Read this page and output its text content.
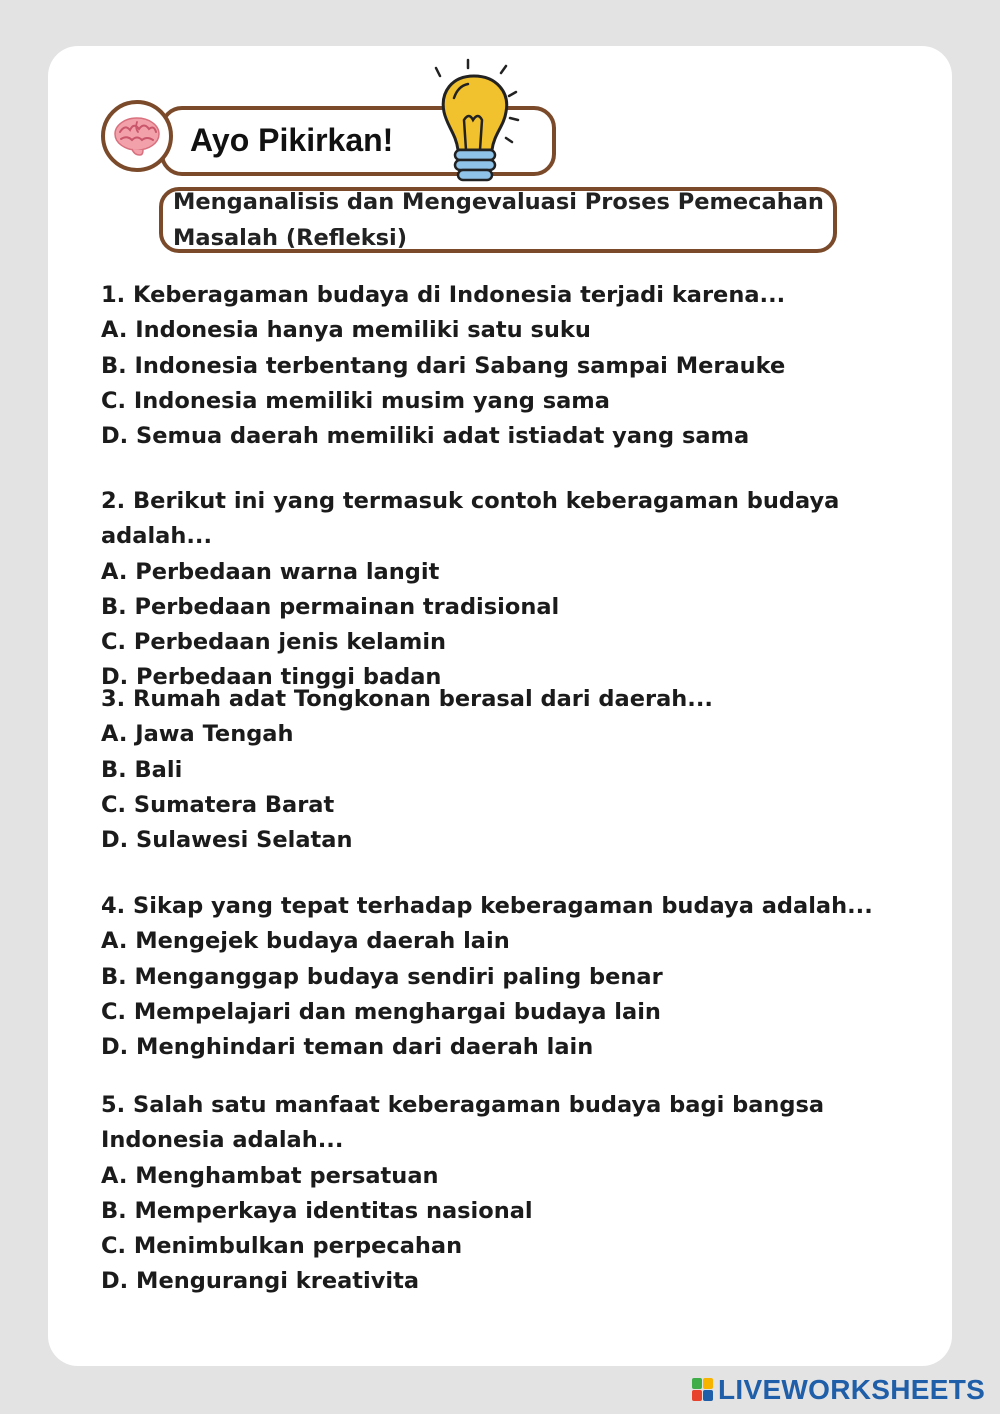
Ayo Pikirkan!
Menganalisis dan Mengevaluasi Proses Pemecahan Masalah (Refleksi)
1. Keberagaman budaya di Indonesia terjadi karena...
A. Indonesia hanya memiliki satu suku
B. Indonesia terbentang dari Sabang sampai Merauke
C. Indonesia memiliki musim yang sama
D. Semua daerah memiliki adat istiadat yang sama
2. Berikut ini yang termasuk contoh keberagaman budaya adalah...
A. Perbedaan warna langit
B. Perbedaan permainan tradisional
C. Perbedaan jenis kelamin
D. Perbedaan tinggi badan
3. Rumah adat Tongkonan berasal dari daerah...
A. Jawa Tengah
B. Bali
C. Sumatera Barat
D. Sulawesi Selatan
4. Sikap yang tepat terhadap keberagaman budaya adalah...
A. Mengejek budaya daerah lain
B. Menganggap budaya sendiri paling benar
C. Mempelajari dan menghargai budaya lain
D. Menghindari teman dari daerah lain
5. Salah satu manfaat keberagaman budaya bagi bangsa Indonesia adalah...
A. Menghambat persatuan
B. Memperkaya identitas nasional
C. Menimbulkan perpecahan
D. Mengurangi kreativita
LIVEWORKSHEETS
